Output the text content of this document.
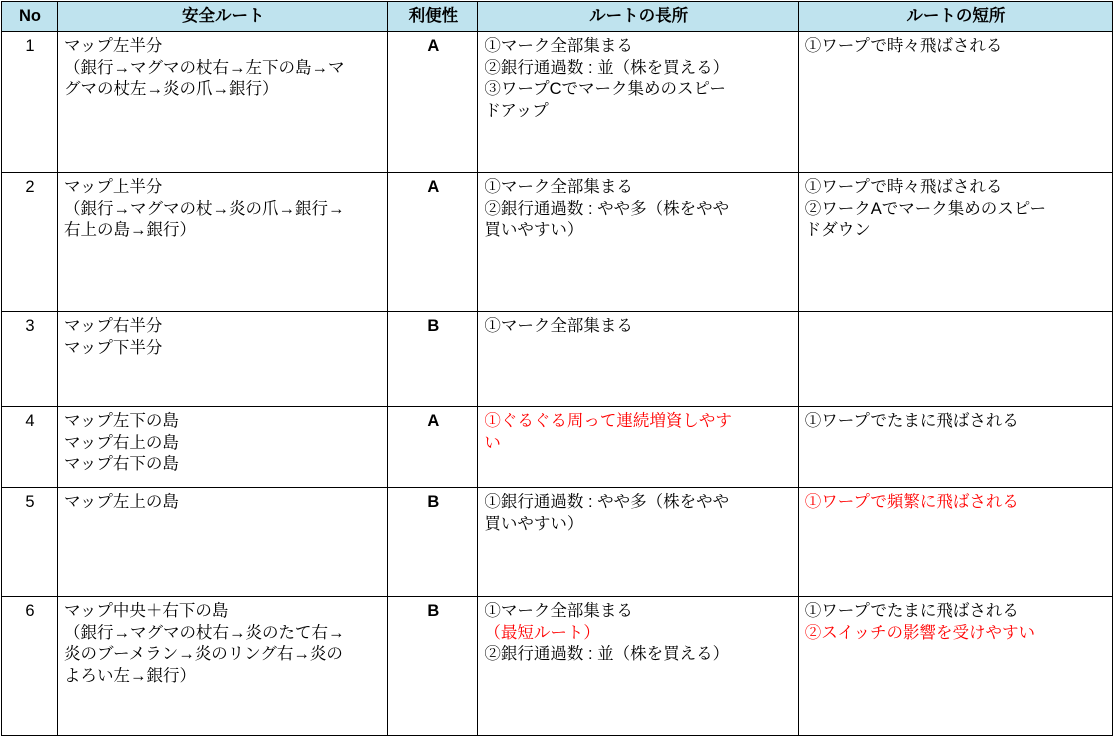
No	安全ルート	利便性	ルートの長所	ルートの短所
1	マップ左半分
（銀行→マグマの杖右→左下の島→マ
グマの杖左→炎の爪→銀行）	A	①マーク全部集まる
②銀行通過数 : 並（株を買える）
③ワープCでマーク集めのスピー
ドアップ	①ワープで時々飛ばされる

2	マップ上半分
（銀行→マグマの杖→炎の爪→銀行→
右上の島→銀行）	A	①マーク全部集まる
②銀行通過数 : やや多（株をやや
買いやすい）	①ワープで時々飛ばされる
②ワークAでマーク集めのスピー
ドダウン

3	マップ右半分
マップ下半分	B	①マーク全部集まる	

4	マップ左下の島
マップ右上の島
マップ右下の島	A	①ぐるぐる周って連続増資しやす
い	①ワープでたまに飛ばされる

5	マップ左上の島	B	①銀行通過数 : やや多（株をやや
買いやすい）	①ワープで頻繁に飛ばされる

6	マップ中央＋右下の島
（銀行→マグマの杖右→炎のたて右→
炎のブーメラン→炎のリング右→炎の
よろい左→銀行）	B	①マーク全部集まる
（最短ルート）
②銀行通過数 : 並（株を買える）	①ワープでたまに飛ばされる
②スイッチの影響を受けやすい
